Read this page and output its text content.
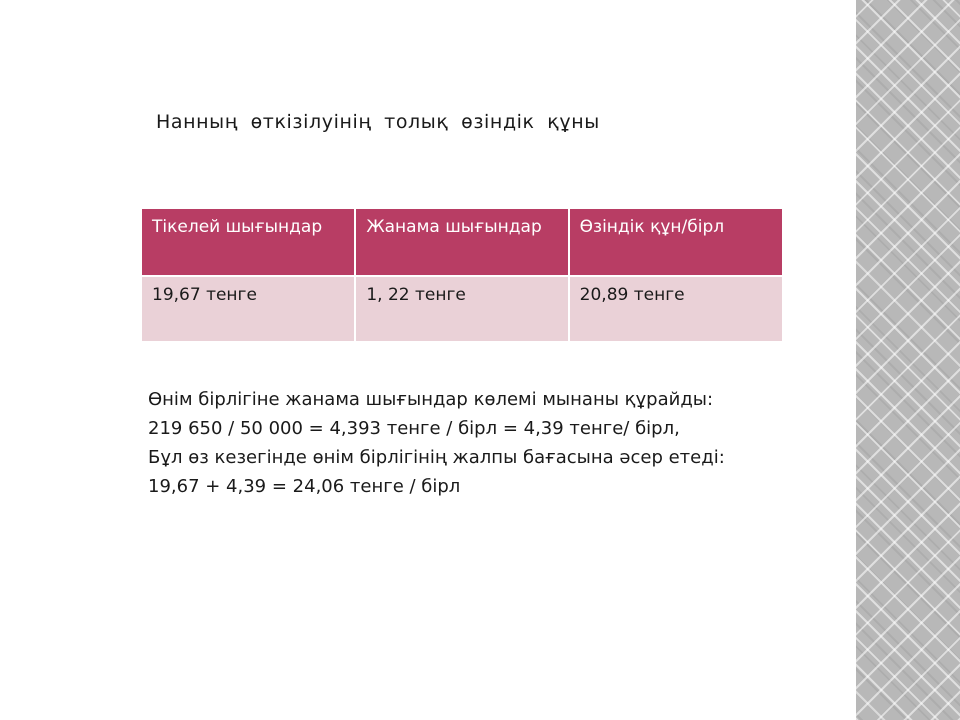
Нанның өткізілуінің толық өзіндік құны
Тікелей шығындар	Жанама шығындар	Өзіндік құн/бірл
19,67 тенге	1, 22 тенге	20,89 тенге

Өнім бірлігіне жанама шығындар көлемі мынаны құрайды:

219 650 / 50 000 = 4,393 тенге / бірл = 4,39 тенге/ бірл,

Бұл өз кезегінде өнім бірлігінің жалпы бағасына әсер етеді:

19,67 + 4,39 = 24,06 тенге / бірл
